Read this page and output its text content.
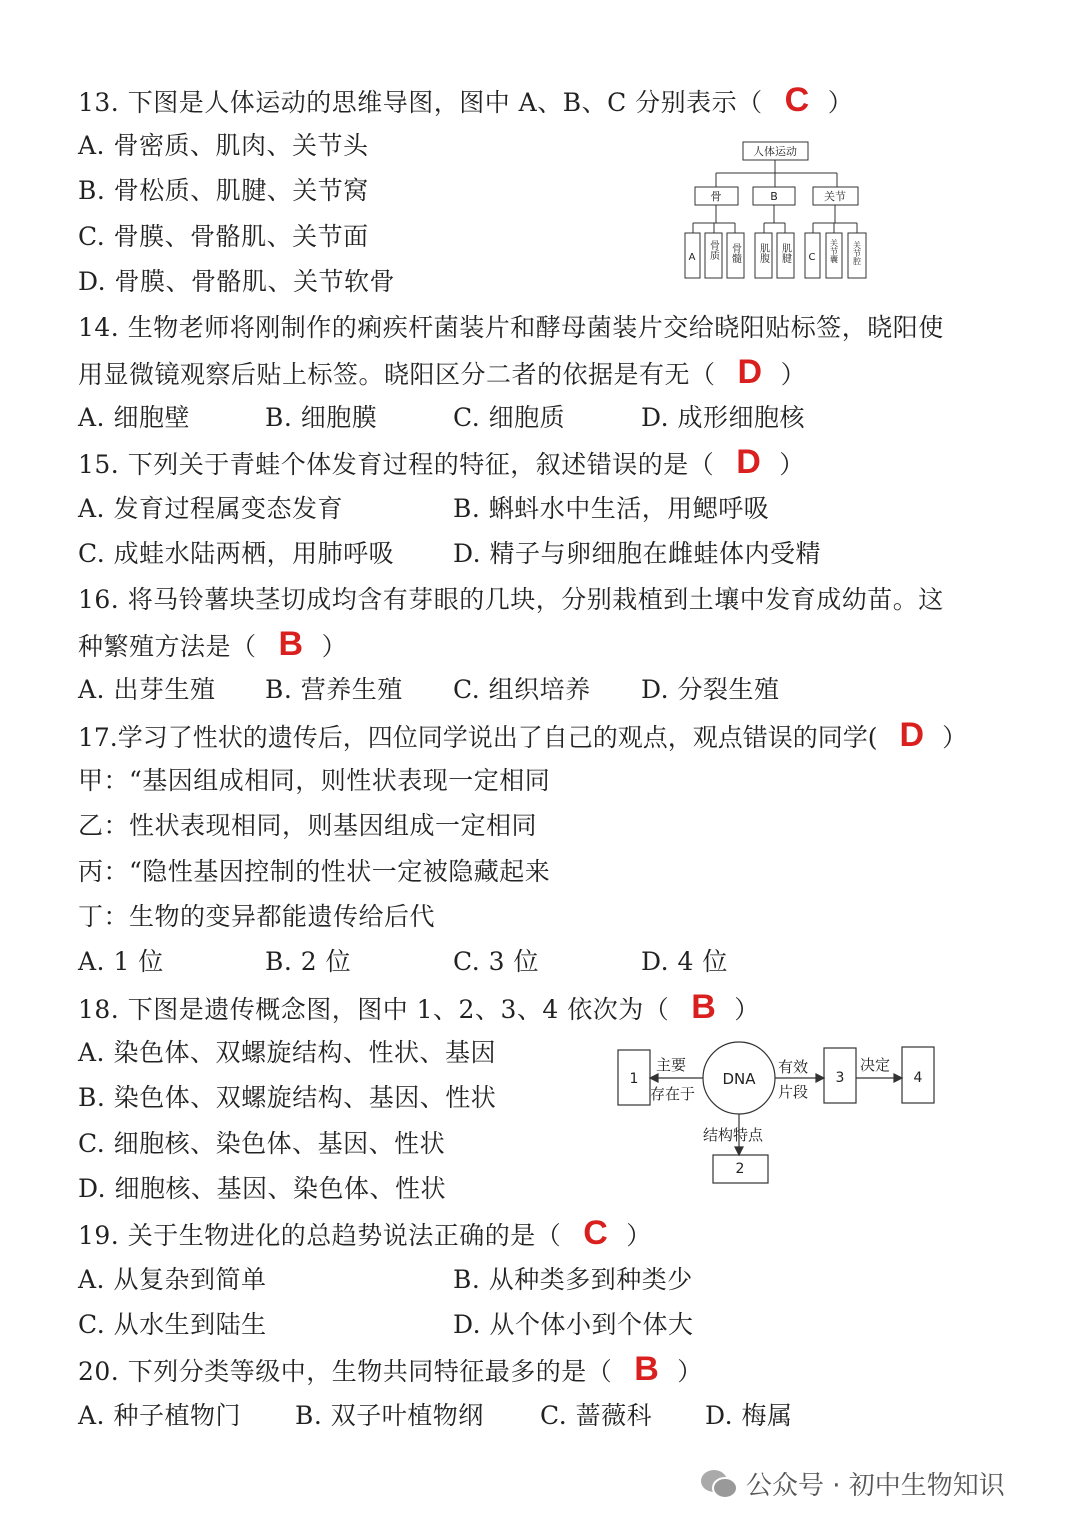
13. 下图是人体运动的思维导图，图中 A、B、C 分别表示（ C ）
A. 骨密质、肌肉、关节头
B. 骨松质、肌腱、关节窝
C. 骨膜、骨骼肌、关节面
D. 骨膜、骨骼肌、关节软骨
人体运动
骨	B	关节
A 骨质 骨髓 肌腹 肌腱 C 关节囊 关节腔
14. 生物老师将刚制作的痢疾杆菌装片和酵母菌装片交给晓阳贴标签，晓阳使
用显微镜观察后贴上标签。晓阳区分二者的依据是有无（ D ）
A. 细胞壁	B. 细胞膜	C. 细胞质	D. 成形细胞核
15. 下列关于青蛙个体发育过程的特征，叙述错误的是（ D ）
A. 发育过程属变态发育	B. 蝌蚪水中生活，用鳃呼吸
C. 成蛙水陆两栖，用肺呼吸 D. 精子与卵细胞在雌蛙体内受精
16. 将马铃薯块茎切成均含有芽眼的几块，分别栽植到土壤中发育成幼苗。这
种繁殖方法是（ B ）
A. 出芽生殖 B. 营养生殖 C. 组织培养 D. 分裂生殖
17.学习了性状的遗传后，四位同学说出了自己的观点，观点错误的同学( D ）
甲：“基因组成相同，则性状表现一定相同
乙：性状表现相同，则基因组成一定相同
丙：“隐性基因控制的性状一定被隐藏起来
丁：生物的变异都能遗传给后代
A. 1 位	B. 2 位	C. 3 位	D. 4 位
18. 下图是遗传概念图，图中 1、2、3、4 依次为（ B ）
A. 染色体、双螺旋结构、性状、基因
B. 染色体、双螺旋结构、基因、性状
C. 细胞核、染色体、基因、性状
D. 细胞核、基因、染色体、性状
1
2
3	4
DNA
主要
存在于
有效
片段
决定
结构特点
19. 关于生物进化的总趋势说法正确的是（ C ）
A. 从复杂到简单	B. 从种类多到种类少
C. 从水生到陆生	D. 从个体小到个体大
20. 下列分类等级中，生物共同特征最多的是（ B ）
A. 种子植物门 B. 双子叶植物纲 C. 蔷薇科 D. 梅属
公众号 · 初中生物知识
